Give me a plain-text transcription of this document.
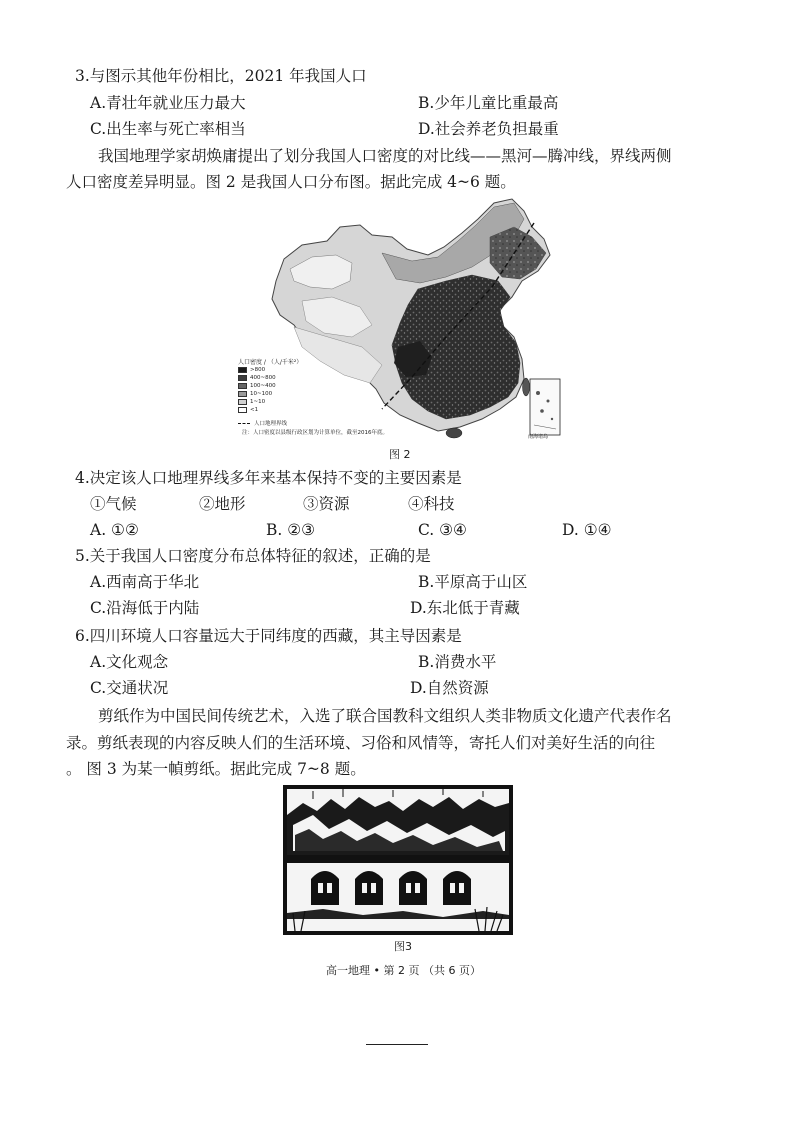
3.与图示其他年份相比，2021 年我国人口
A.青壮年就业压力最大	B.少年儿童比重最高
C.出生率与死亡率相当	D.社会养老负担最重
我国地理学家胡焕庸提出了划分我国人口密度的对比线——黑河—腾冲线，界线两侧
人口密度差异明显。图 2 是我国人口分布图。据此完成 4~6 题。
南海诸岛
人口密度 / （人/千米²）
>800
400~800
100~400
10~100
1~10
<1
人口地理界线
注：人口密度以县级行政区划为计算单位，截至2016年底。
图 2
4.决定该人口地理界线多年来基本保持不变的主要因素是
①气候	②地形	③资源	④科技
A. ①②	B. ②③	C. ③④	D. ①④
5.关于我国人口密度分布总体特征的叙述，正确的是
A.西南高于华北	B.平原高于山区
C.沿海低于内陆	D.东北低于青藏
6.四川环境人口容量远大于同纬度的西藏，其主导因素是
A.文化观念	B.消费水平
C.交通状况	D.自然资源
剪纸作为中国民间传统艺术，入选了联合国教科文组织人类非物质文化遗产代表作名
录。剪纸表现的内容反映人们的生活环境、习俗和风情等，寄托人们对美好生活的向往
。 图 3 为某一幀剪纸。据此完成 7~8 题。
图3
高一地理 • 第 2 页 （共 6 页）
